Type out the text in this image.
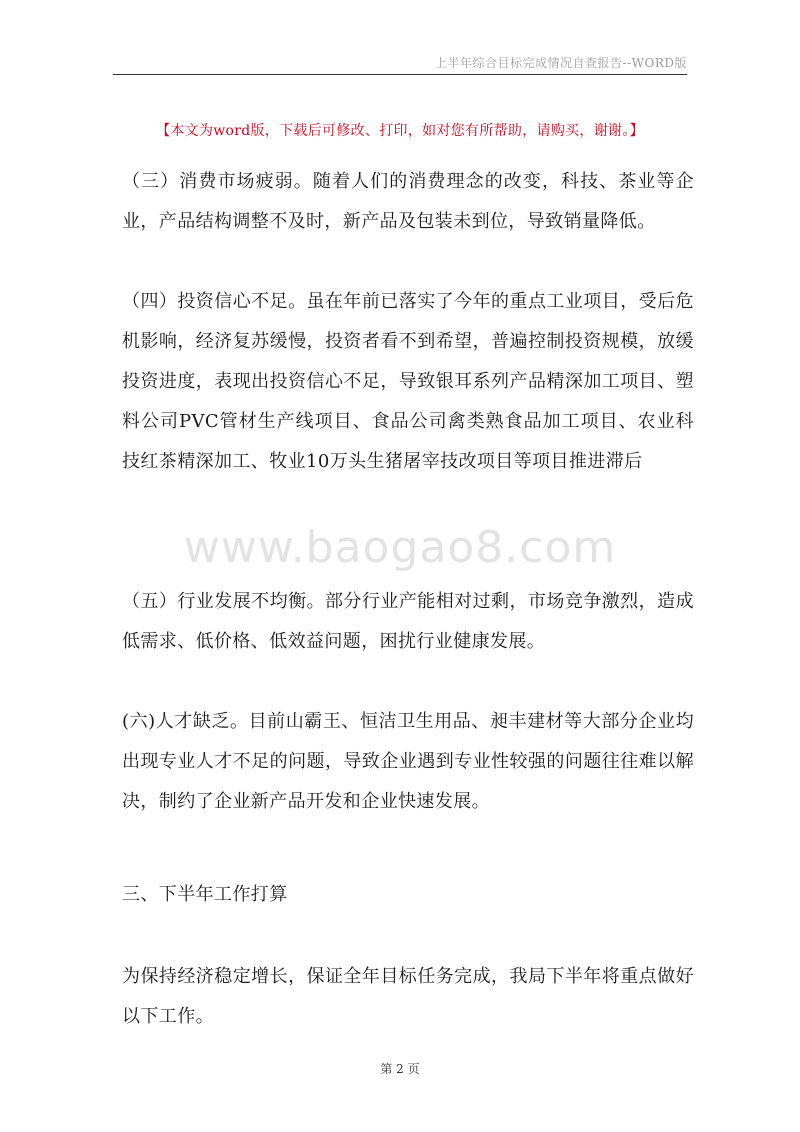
上半年综合目标完成情况自查报告--WORD版
【本文为word版，下载后可修改、打印，如对您有所帮助，请购买，谢谢。】

（三）消费市场疲弱。随着人们的消费理念的改变，科技、茶业等企业，产品结构调整不及时，新产品及包装未到位，导致销量降低。

（四）投资信心不足。虽在年前已落实了今年的重点工业项目，受后危机影响，经济复苏缓慢，投资者看不到希望，普遍控制投资规模，放缓投资进度，表现出投资信心不足，导致银耳系列产品精深加工项目、塑料公司PVC管材生产线项目、食品公司禽类熟食品加工项目、农业科技红茶精深加工、牧业10万头生猪屠宰技改项目等项目推进滞后

www.baogao8.com

（五）行业发展不均衡。部分行业产能相对过剩，市场竞争激烈，造成低需求、低价格、低效益问题，困扰行业健康发展。

(六)人才缺乏。目前山霸王、恒洁卫生用品、昶丰建材等大部分企业均出现专业人才不足的问题，导致企业遇到专业性较强的问题往往难以解决，制约了企业新产品开发和企业快速发展。

三、下半年工作打算

为保持经济稳定增长，保证全年目标任务完成，我局下半年将重点做好以下工作。

第 2 页
